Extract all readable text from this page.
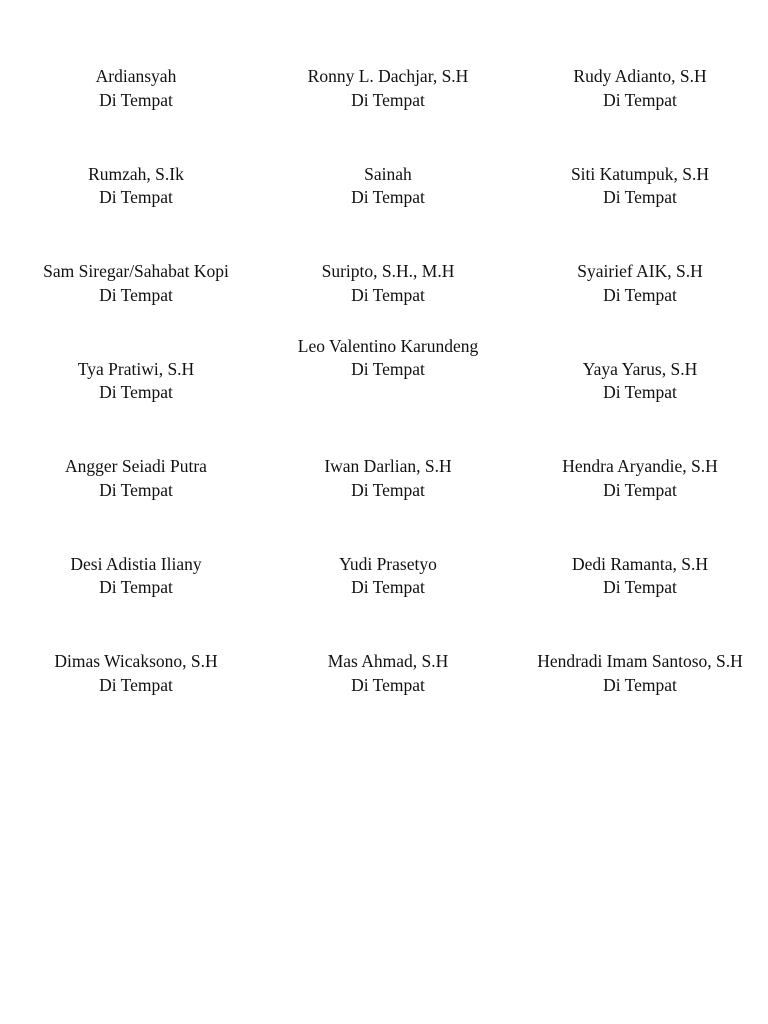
Ardiansyah
Di Tempat
Ronny L. Dachjar, S.H
Di Tempat
Rudy Adianto, S.H
Di Tempat
Rumzah, S.Ik
Di Tempat
Sainah
Di Tempat
Siti Katumpuk, S.H
Di Tempat
Sam Siregar/Sahabat Kopi
Di Tempat
Suripto, S.H., M.H
Di Tempat
Syairief AIK, S.H
Di Tempat
Tya Pratiwi, S.H
Di Tempat
Leo Valentino Karundeng
Di Tempat	Yaya Yarus, S.H
Di Tempat
Angger Seiadi Putra
Di Tempat
Iwan Darlian, S.H
Di Tempat
Hendra Aryandie, S.H
Di Tempat
Desi Adistia Iliany
Di Tempat
Yudi Prasetyo
Di Tempat
Dedi Ramanta, S.H
Di Tempat
Dimas Wicaksono, S.H
Di Tempat
Mas Ahmad, S.H
Di Tempat
Hendradi Imam Santoso, S.H
Di Tempat
